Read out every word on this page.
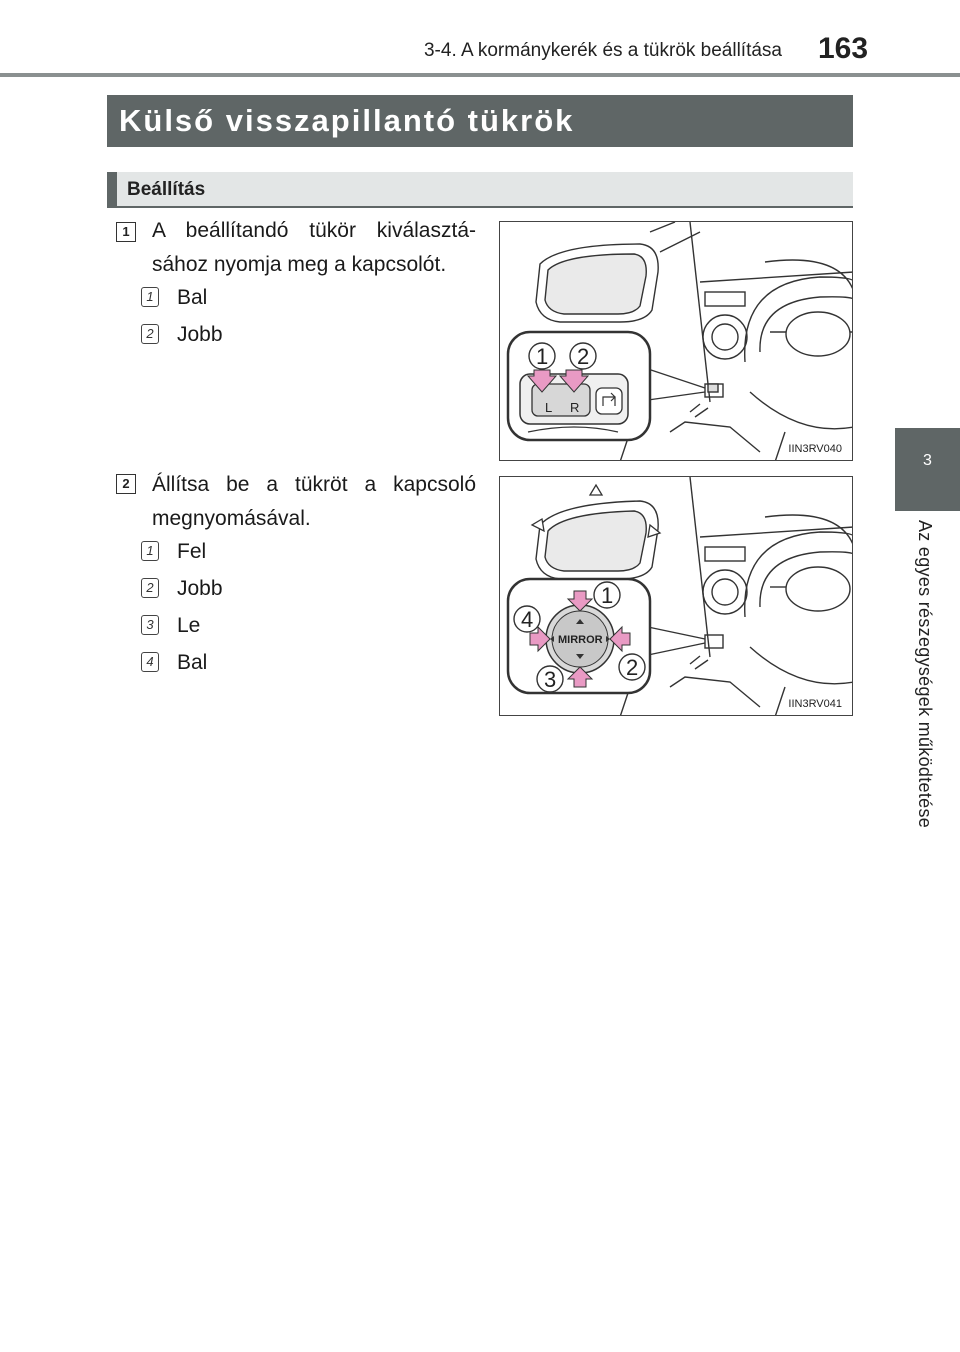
3-4. A kormánykerék és a tükrök beállítása 163
3
Az egyes részegységek működtetése
Külső visszapillantó tükrök
Beállítás
1	A beállítandó tükör kiválasztá-sához nyomja meg a kapcsolót.
1 Bal
2 Jobb
L R
1 2
IIN3RV040
2	Állítsa be a tükröt a kapcsoló megnyomásával.
1 Fel
2 Jobb
3 Le
4 Bal
MIRROR
1
2
3
4
IIN3RV041
